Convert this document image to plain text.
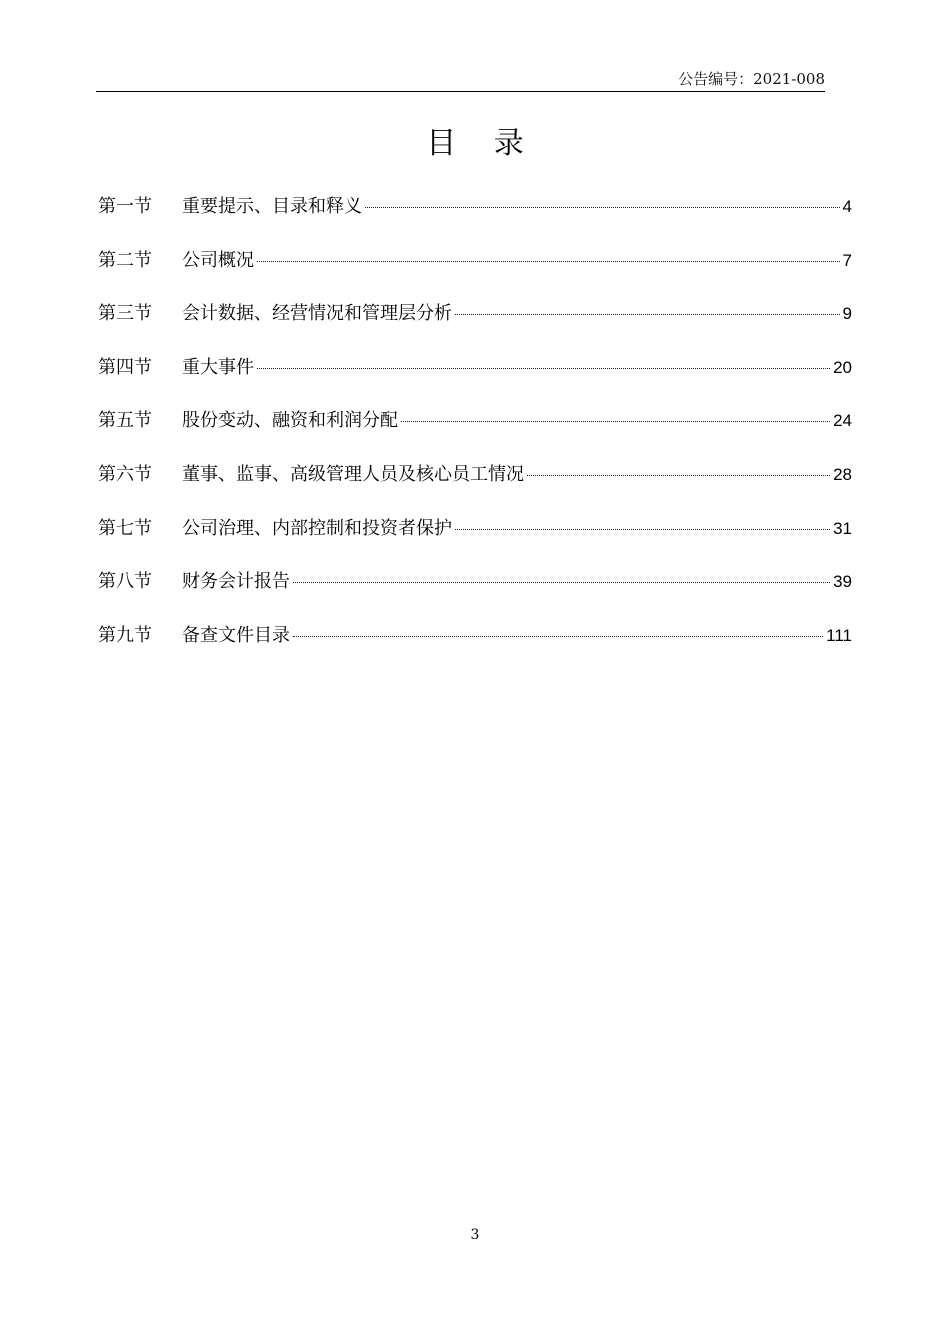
公告编号：2021-008
目 录
第一节	重要提示、目录和释义	4
第二节	公司概况	7
第三节	会计数据、经营情况和管理层分析	9
第四节	重大事件	20
第五节	股份变动、融资和利润分配	24
第六节	董事、监事、高级管理人员及核心员工情况	28
第七节	公司治理、内部控制和投资者保护	31
第八节	财务会计报告	39
第九节	备查文件目录	111
3
